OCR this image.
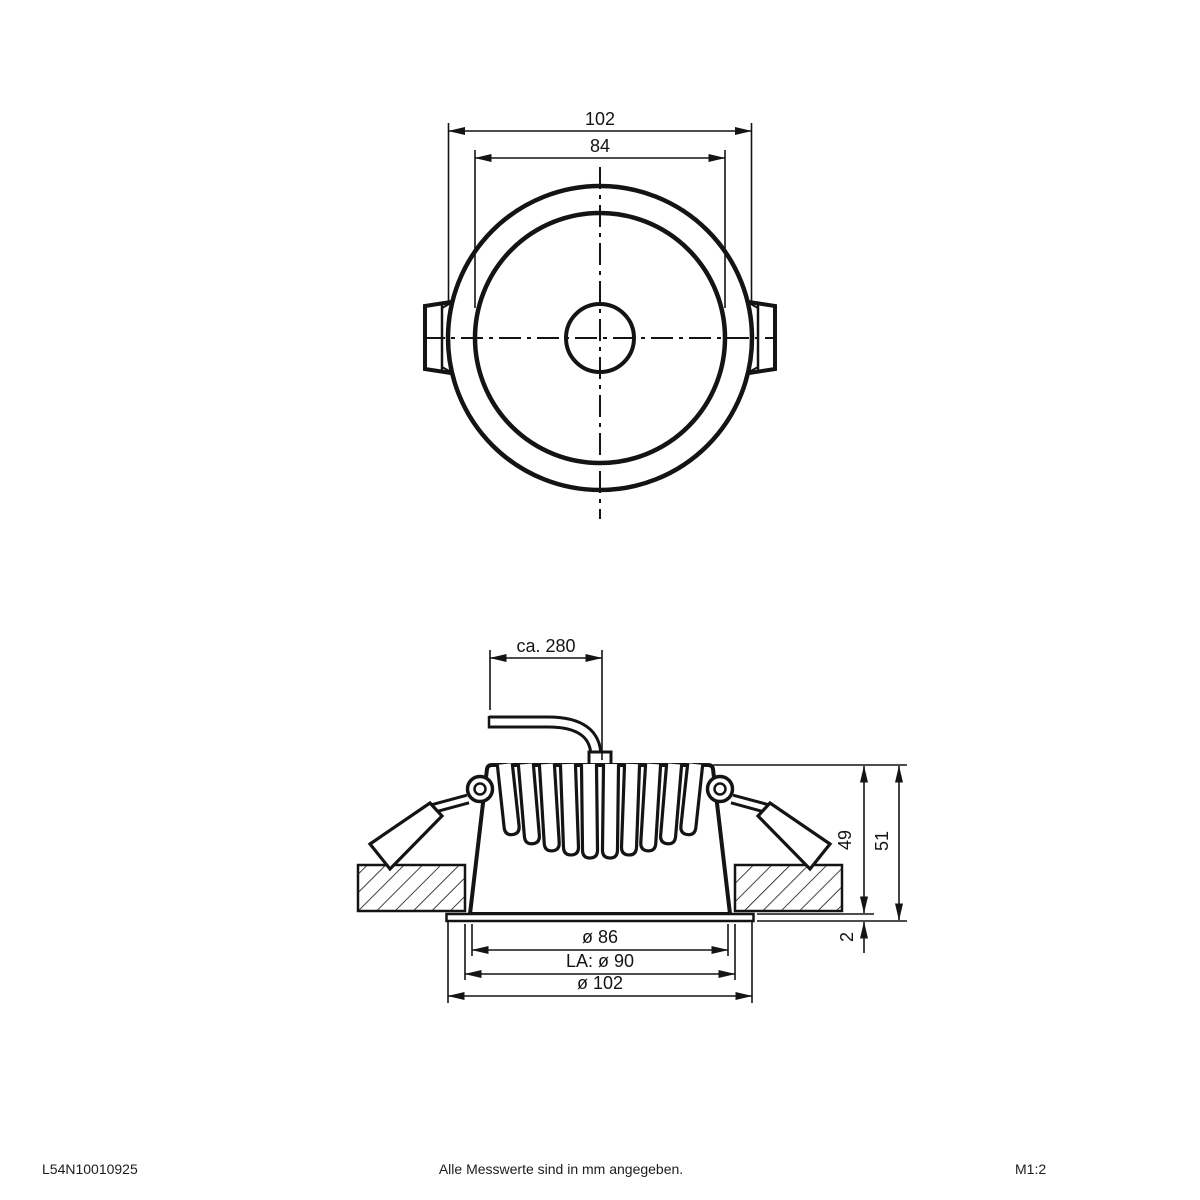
102
84
ca. 280
49 51
2
ø 86
LA: ø 90
ø 102
L54N10010925	Alle Messwerte sind in mm angegeben.	M1:2
